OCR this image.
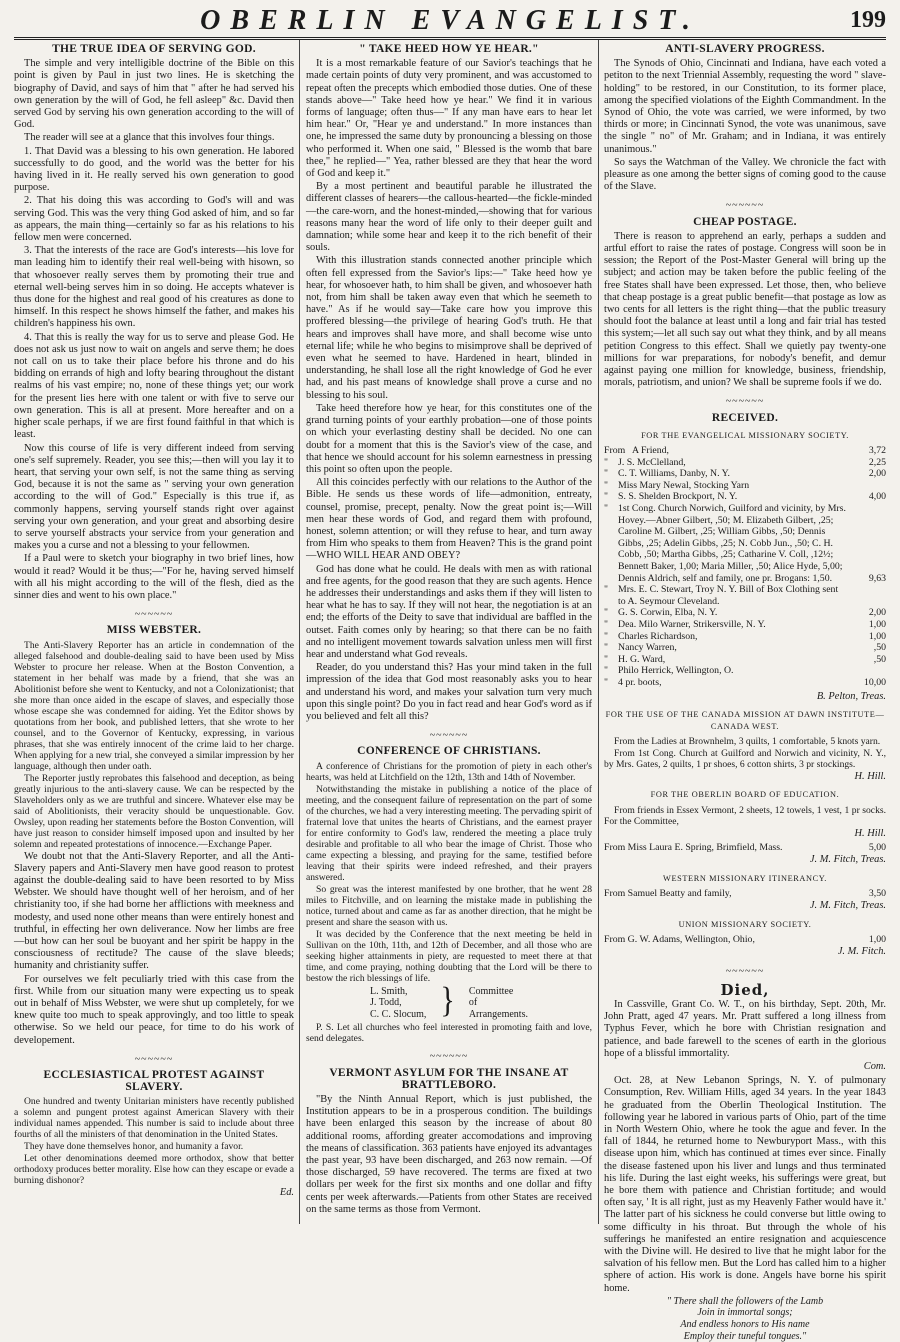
OBERLIN EVANGELIST.	199
THE TRUE IDEA OF SERVING GOD.

The simple and very intelligible doctrine of the Bible on this point is given by Paul in just two lines. He is sketching the biography of David, and says of him that " after he had served his own generation by the will of God, he fell asleep" &c. David then served God by serving his own generation according to the will of God.

The reader will see at a glance that this involves four things.

1. That David was a blessing to his own generation. He labored successfully to do good, and the world was the better for his having lived in it. He really served his own generation to good purpose.

2. That his doing this was according to God's will and was serving God. This was the very thing God asked of him, and so far as appears, the main thing—certainly so far as his relations to his fellow men were concerned.

3. That the interests of the race are God's interests—his love for man leading him to identify their real well-being with hisown, so that whosoever really serves them by promoting their true and eternal well-being serves him in so doing. He accepts whatever is thus done for the highest and real good of his creatures as done to himself. In this respect he shows himself the father, and makes his children's happiness his own.

4. That this is really the way for us to serve and please God. He does not ask us just now to wait on angels and serve them; he does not call on us to take their place before his throne and do his bidding on errands of high and lofty bearing throughout the distant realms of his vast empire; no, none of these things yet; our work for the present lies here with one talent or with five to serve our own generation. This is all at present. More hereafter and on a higher scale perhaps, if we are first found faithful in that which is least.

Now this course of life is very different indeed from serving one's self supremely. Reader, you see this;—then will you lay it to heart, that serving your own self, is not the same thing as serving God, because it is not the same as " serving your own generation according to the will of God." Especially is this true if, as commonly happens, serving yourself stands right over against serving your own generation, and your great and absorbing desire to serve yourself abstracts your service from your generation and makes you a curse and not a blessing to your fellowmen.

If a Paul were to sketch your biography in two brief lines, how would it read? Would it be thus;—"For he, having served himself with all his might according to the will of the flesh, died as the sinner dies and went to his own place."

~~~~~~
MISS WEBSTER.

The Anti-Slavery Reporter has an article in condemnation of the alleged falsehood and double-dealing said to have been used by Miss Webster to procure her release. When at the Boston Convention, a statement in her behalf was made by a friend, that she was an Abolitionist before she went to Kentucky, and not a Colonizationist; that she more than once aided in the escape of slaves, and especially those whose escape she was condemned for aiding. Yet the Editor shows by quotations from her book, and published letters, that she wrote to her counsel, and to the Governor of Kentucky, expressing, in various phrases, that she was entirely innocent of the crime laid to her charge. When applying for a new trial, she conveyed a similar impression by her language, although then under oath.

The Reporter justly reprobates this falsehood and deception, as being greatly injurious to the anti-slavery cause. We can be respected by the Slaveholders only as we are truthful and sincere. Whatever else may be said of Abolitionists, their veracity should be unquestionable. Gov. Owsley, upon reading her statements before the Boston Convention, will have just reason to consider himself imposed upon and insulted by her solemn and repeated protestations of innocence.—Exchange Paper.

We doubt not that the Anti-Slavery Reporter, and all the Anti-Slavery papers and Anti-Slavery men have good reason to protest against the double-dealing said to have been resorted to by Miss Webster. We should have thought well of her heroism, and of her christianity too, if she had borne her afflictions with meekness and modesty, and used none other means than were entirely honest and truthful, in effecting her own deliverance. Now her limbs are free—but how can her soul be buoyant and her spirit be happy in the consciousness of rectitude? The cause of the slave bleeds; humanity and christianity suffer.

For ourselves we felt peculiarly tried with this case from the first. While from our situation many were expecting us to speak out in behalf of Miss Webster, we were shut up completely, for we knew quite too much to speak approvingly, and too little to speak otherwise. So we held our peace, for time to do his work of developement.

~~~~~~
ECCLESIASTICAL PROTEST AGAINST SLAVERY.

One hundred and twenty Unitarian ministers have recently published a solemn and pungent protest against American Slavery with their individual names appended. This number is said to include about three fourths of all the ministers of that denomination in the United States.

They have done themselves honor, and humanity a favor.

Let other denominations deemed more orthodox, show that better orthodoxy produces better morality. Else how can they escape or evade a burning dishonor?

Ed.
" TAKE HEED HOW YE HEAR."

It is a most remarkable feature of our Savior's teachings that he made certain points of duty very prominent, and was accustomed to repeat often the precepts which embodied those duties. One of these stands above—" Take heed how ye hear." We find it in various forms of language; often thus—" If any man have ears to hear let him hear." Or, "Hear ye and understand." In more instances than one, he impressed the same duty by pronouncing a blessing on those who performed it. When one said, " Blessed is the womb that bare thee," he replied—" Yea, rather blessed are they that hear the word of God and keep it."

By a most pertinent and beautiful parable he illustrated the different classes of hearers—the callous-hearted—the fickle-minded—the care-worn, and the honest-minded,—showing that for various reasons many hear the word of life only to their deeper guilt and damnation; while some hear and keep it to the rich benefit of their souls.

With this illustration stands connected another principle which often fell expressed from the Savior's lips:—" Take heed how ye hear, for whosoever hath, to him shall be given, and whosoever hath not, from him shall be taken away even that which he seemeth to have." As if he would say—Take care how you improve this proffered blessing—the privilege of hearing God's truth. He that hears and improves shall have more, and shall become wise unto eternal life; while he who begins to misimprove shall be deprived of even what he seemed to have. Hardened in heart, blinded in understanding, he shall lose all the right knowledge of God he ever had, and his past means of knowledge shall prove a curse and no blessing to his soul.

Take heed therefore how ye hear, for this constitutes one of the grand turning points of your earthly probation—one of those points on which your everlasting destiny shall be decided. No one can doubt for a moment that this is the Savior's view of the case, and that hence we should account for his solemn earnestness in pressing this point so often upon the people.

All this coincides perfectly with our relations to the Author of the Bible. He sends us these words of life—admonition, entreaty, counsel, promise, precept, penalty. Now the great point is;—Will men hear these words of God, and regard them with profound, honest, solemn attention; or will they refuse to hear, and turn away from Him who speaks to them from Heaven? This is the grand point—WHO WILL HEAR AND OBEY?

God has done what he could. He deals with men as with rational and free agents, for the good reason that they are such agents. Hence he addresses their understandings and asks them if they will listen to hear what he has to say. If they will not hear, the negotiation is at an end; the efforts of the Deity to save that individual are baffled in the outset. Faith comes only by hearing; so that there can be no faith and no intelligent movement towards salvation unless men will first hear and understand what God reveals.

Reader, do you understand this? Has your mind taken in the full impression of the idea that God most reasonably asks you to hear and understand his word, and makes your salvation turn very much upon this single point? Do you in fact read and hear God's word as if you believed and felt all this?

~~~~~~
CONFERENCE OF CHRISTIANS.

A conference of Christians for the promotion of piety in each other's hearts, was held at Litchfield on the 12th, 13th and 14th of November.

Notwithstanding the mistake in publishing a notice of the place of meeting, and the consequent failure of representation on the part of some of the churches, we had a very interesting meeting. The pervading spirit of fraternal love that unites the hearts of Christians, and the earnest prayer for entire conformity to God's law, rendered the meeting a place truly desirable and profitable to all who bear the image of Christ. Those who came expecting a blessing, and praying for the same, testified before leaving that their spirits were indeed refreshed, and their prayers answered.

So great was the interest manifested by one brother, that he went 28 miles to Fitchville, and on learning the mistake made in publishing the notice, turned about and came as far as another direction, that he might be present and share the season with us.

It was decided by the Conference that the next meeting be held in Sullivan on the 10th, 11th, and 12th of December, and all those who are seeking higher attainments in piety, are requested to meet there at that time, and come praying, nothing doubting that the Lord will be there to bestow the rich blessings of life.

L. Smith,
J. Todd,
C. C. Slocum, } Committee
of
Arrangements.

P. S. Let all churches who feel interested in promoting faith and love, send delegates.

~~~~~~
VERMONT ASYLUM FOR THE INSANE AT BRATTLEBORO.

"By the Ninth Annual Report, which is just published, the Institution appears to be in a prosperous condition. The buildings have been enlarged this season by the increase of about 80 additional rooms, affording greater accomodations and improving the means of classification. 363 patients have enjoyed its advantages the past year, 93 have been discharged, and 263 now remain. —Of those discharged, 59 have recovered. The terms are fixed at two dollars per week for the first six months and one dollar and fifty cents per week afterwards.—Patients from other States are received on the same terms as those from Vermont.

ANTI-SLAVERY PROGRESS.

The Synods of Ohio, Cincinnati and Indiana, have each voted a petiton to the next Triennial Assembly, requesting the word " slave-holding" to be restored, in our Constitution, to its former place, among the specified violations of the Eighth Commandment. In the Synod of Ohio, the vote was carried, we were informed, by two thirds or more; in Cincinnati Synod, the vote was unanimous, save the single " no" of Mr. Graham; and in Indiana, it was entirely unanimous."

So says the Watchman of the Valley. We chronicle the fact with pleasure as one among the better signs of coming good to the cause of the Slave.

~~~~~~
CHEAP POSTAGE.

There is reason to apprehend an early, perhaps a sudden and artful effort to raise the rates of postage. Congress will soon be in session; the Report of the Post-Master General will bring up the subject; and action may be taken before the public feeling of the free States shall have been expressed. Let those, then, who believe that cheap postage is a great public benefit—that postage as low as two cents for all letters is the right thing—that the public treasury should foot the balance at least until a long and fair trial has tested this system;—let all such say out what they think, and by all means petition Congress to this effect. Shall we quietly pay twenty-one millions for war preparations, for nobody's benefit, and demur against paying one million for knowledge, business, friendship, morals, patriotism, and union? We shall be supreme fools if we do.

~~~~~~
RECEIVED.
FOR THE EVANGELICAL MISSIONARY SOCIETY.
From A Friend,	3,72
"	J. S. McClelland,	2,25
"	C. T. Williams, Danby, N. Y.	2,00
"	Miss Mary Newal, Stocking Yarn
"	S. S. Shelden Brockport, N. Y.	4,00
"	1st Cong. Church Norwich, Guilford and vicinity, by Mrs. Hovey.—Abner Gilbert, ,50; M. Elizabeth Gilbert, ,25; Caroline M. Gilbert, ,25; William Gibbs, ,50; Dennis Gibbs, ,25; Adelin Gibbs, ,25; N. Cobb Jun., ,50; C. H. Cobb, ,50; Martha Gibbs, ,25; Catharine V. Coll, ,12½; Bennett Baker, 1,00; Maria Miller, ,50; Alice Hyde, 5,00; Dennis Aldrich, self and family, one pr. Brogans: 1,50.	9,63
"	Mrs. E. C. Stewart, Troy N. Y. Bill of Box Clothing sent to A. Seymour Cleveland.
"	G. S. Corwin, Elba, N. Y.	2,00
"	Dea. Milo Warner, Strikersville, N. Y.	1,00
"	Charles Richardson,	1,00
"	Nancy Warren,	,50
"	H. G. Ward,	,50
"	Philo Herrick, Wellington, O.
"	4 pr. boots,	10,00
B. Pelton, Treas.
FOR THE USE OF THE CANADA MISSION AT DAWN INSTITUTE—CANADA WEST.

From the Ladies at Brownhelm, 3 quilts, 1 comfortable, 5 knots yarn.

From 1st Cong. Church at Guilford and Norwich and vicinity, N. Y., by Mrs. Gates, 2 quilts, 1 pr shoes, 6 cotton shirts, 3 pr stockings.

H. Hill.
FOR THE OBERLIN BOARD OF EDUCATION.

From friends in Essex Vermont, 2 sheets, 12 towels, 1 vest, 1 pr socks. For the Committee,

H. Hill.
From Miss Laura E. Spring, Brimfield, Mass.	5,00
J. M. Fitch, Treas.
WESTERN MISSIONARY ITINERANCY.
From Samuel Beatty and family,	3,50
J. M. Fitch, Treas.
UNION MISSIONARY SOCIETY.
From G. W. Adams, Wellington, Ohio,	1,00
J. M. Fitch.
~~~~~~
Died,

In Cassville, Grant Co. W. T., on his birthday, Sept. 20th, Mr. John Pratt, aged 47 years. Mr. Pratt suffered a long illness from Typhus Fever, which he bore with Christian resignation and patience, and bade farewell to the scenes of earth in the glorious hope of a blissful immortality.

Com.

Oct. 28, at New Lebanon Springs, N. Y. of pulmonary Consumption, Rev. William Hills, aged 34 years. In the year 1843 he graduated from the Oberlin Theological Institution. The following year he labored in various parts of Ohio, part of the time in North Western Ohio, where he took the ague and fever. In the fall of 1844, he returned home to Newburyport Mass., with this disease upon him, which has continued at times ever since. Finally the disease fastened upon his liver and lungs and thus terminated his life. During the last eight weeks, his sufferings were great, but he bore them with patience and Christian fortitude; and would often say, ' It is all right, just as my Heavenly Father would have it.' The latter part of his sickness he could converse but little owing to some difficulty in his throat. But through the whole of his sufferings he manifested an entire resignation and acquiescence with the Divine will. He desired to live that he might labor for the salvation of his fellow men. But the Lord has called him to a higher sphere of action. His work is done. Angels have borne his spirit home.

" There shall the followers of the Lamb
Join in immortal songs;
And endless honors to His name
Employ their tuneful tongues."
